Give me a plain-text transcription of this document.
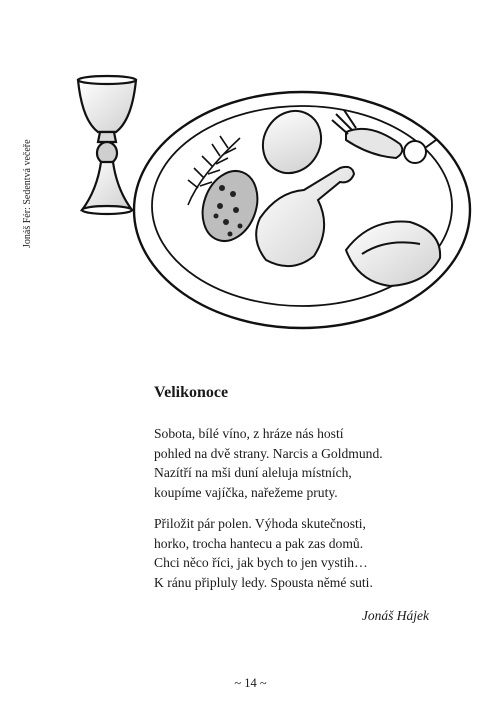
Jonáš Fér: Sedentvá večeře
Velikonoce

Sobota, bílé víno, z hráze nás hostí
pohled na dvě strany. Narcis a Goldmund.
Nazítří na mši duní aleluja místních,
koupíme vajíčka, nařežeme pruty.

Přiložit pár polen. Výhoda skutečnosti,
horko, trocha hantecu a pak zas domů.
Chci něco říci, jak bych to jen vystih…
K ránu připluly ledy. Spousta němé suti.

Jonáš Hájek
~ 14 ~
